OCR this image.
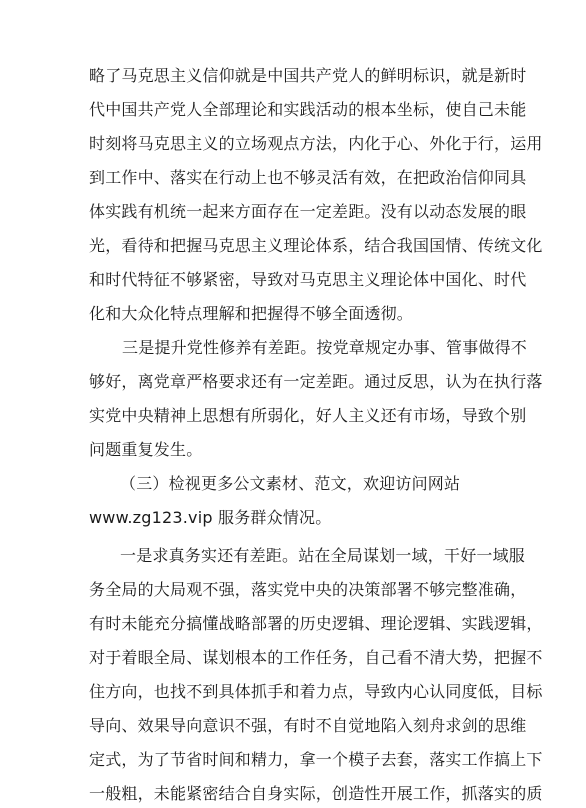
略了马克思主义信仰就是中国共产党人的鲜明标识，就是新时
代中国共产党人全部理论和实践活动的根本坐标，使自己未能
时刻将马克思主义的立场观点方法，内化于心、外化于行，运用
到工作中、落实在行动上也不够灵活有效，在把政治信仰同具
体实践有机统一起来方面存在一定差距。没有以动态发展的眼
光，看待和把握马克思主义理论体系，结合我国国情、传统文化
和时代特征不够紧密，导致对马克思主义理论体中国化、时代
化和大众化特点理解和把握得不够全面透彻。
三是提升党性修养有差距。按党章规定办事、管事做得不
够好，离党章严格要求还有一定差距。通过反思，认为在执行落
实党中央精神上思想有所弱化，好人主义还有市场，导致个别
问题重复发生。
（三）检视更多公文素材、范文，欢迎访问网站
www.zg123.vip 服务群众情况。
一是求真务实还有差距。站在全局谋划一域，干好一域服
务全局的大局观不强，落实党中央的决策部署不够完整准确，
有时未能充分搞懂战略部署的历史逻辑、理论逻辑、实践逻辑，
对于着眼全局、谋划根本的工作任务，自己看不清大势，把握不
住方向，也找不到具体抓手和着力点，导致内心认同度低，目标
导向、效果导向意识不强，有时不自觉地陷入刻舟求剑的思维
定式，为了节省时间和精力，拿一个模子去套，落实工作搞上下
一般粗，未能紧密结合自身实际，创造性开展工作，抓落实的质
